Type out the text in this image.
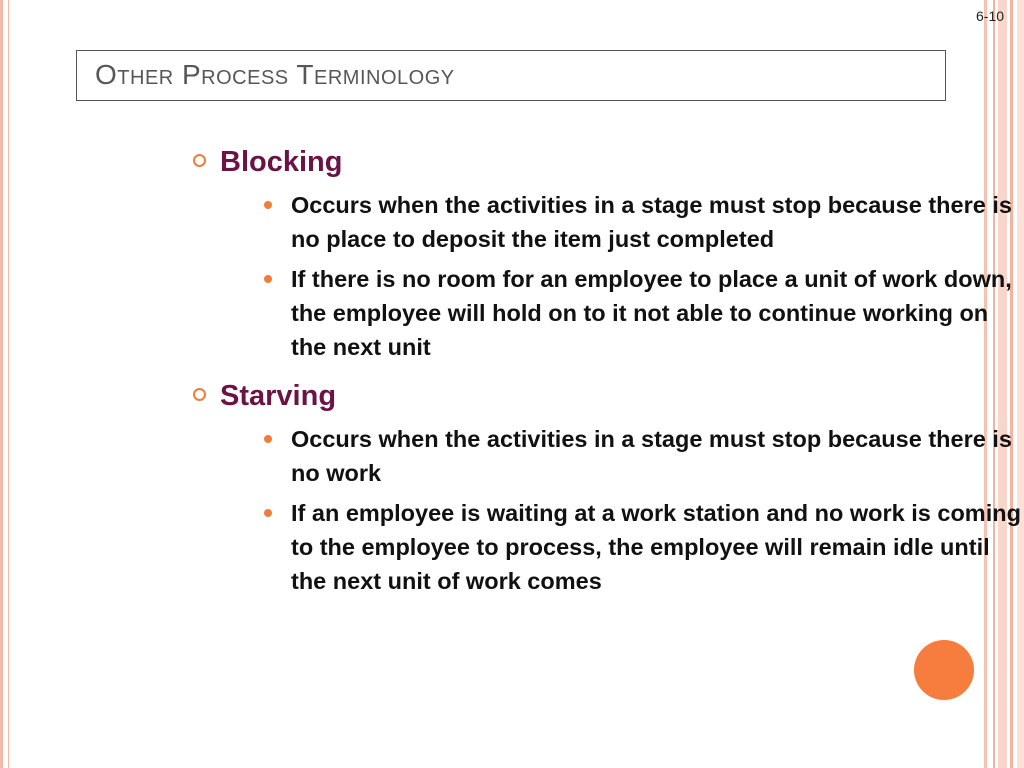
6-10
Other Process Terminology
Blocking
Occurs when the activities in a stage must stop because there is no place to deposit the item just completed
If there is no room for an employee to place a unit of work down, the employee will hold on to it not able to continue working on the next unit
Starving
Occurs when the activities in a stage must stop because there is no work
If an employee is waiting at a work station and no work is coming to the employee to process, the employee will remain idle until the next unit of work comes
